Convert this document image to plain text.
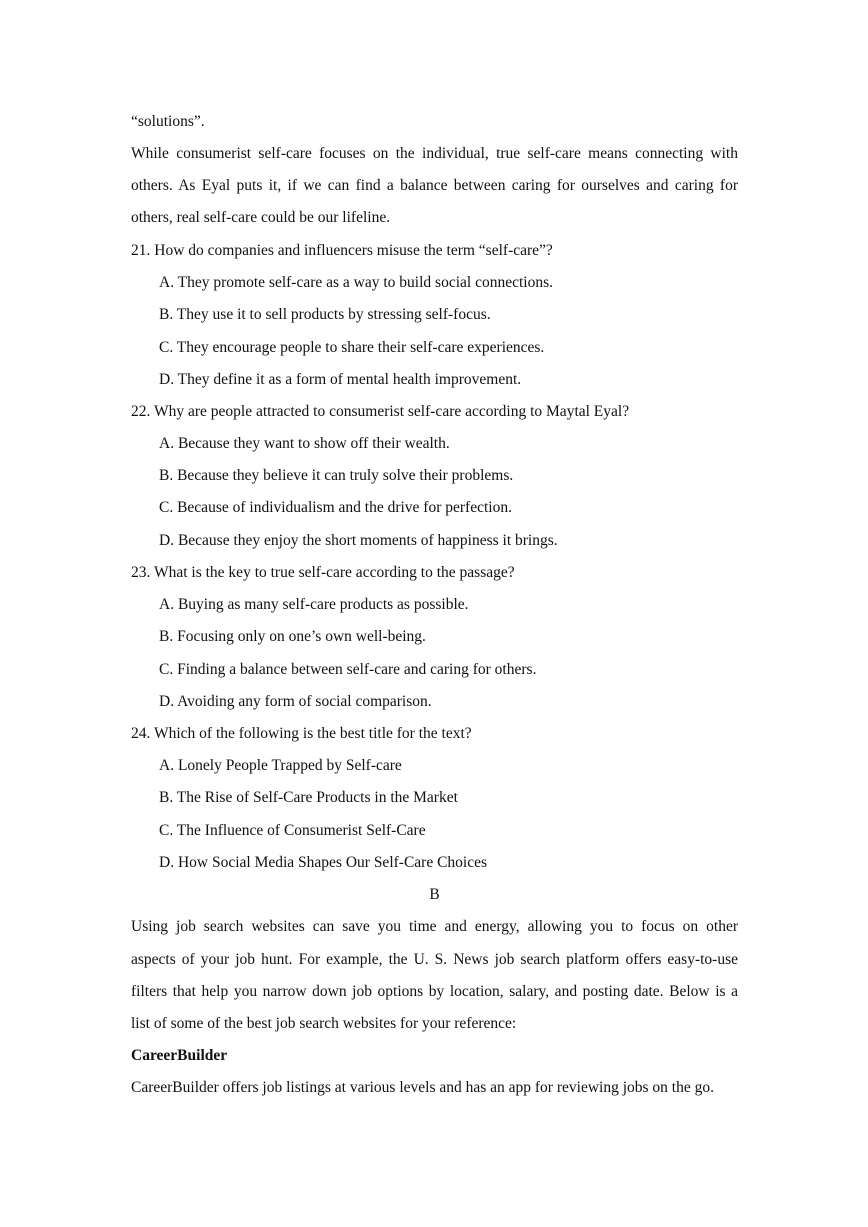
“solutions”.
While consumerist self-care focuses on the individual, true self-care means connecting with
others. As Eyal puts it, if we can find a balance between caring for ourselves and caring for
others, real self-care could be our lifeline.
21. How do companies and influencers misuse the term “self-care”?
A. They promote self-care as a way to build social connections.
B. They use it to sell products by stressing self-focus.
C. They encourage people to share their self-care experiences.
D. They define it as a form of mental health improvement.
22. Why are people attracted to consumerist self-care according to Maytal Eyal?
A. Because they want to show off their wealth.
B. Because they believe it can truly solve their problems.
C. Because of individualism and the drive for perfection.
D. Because they enjoy the short moments of happiness it brings.
23. What is the key to true self-care according to the passage?
A. Buying as many self-care products as possible.
B. Focusing only on one’s own well-being.
C. Finding a balance between self-care and caring for others.
D. Avoiding any form of social comparison.
24. Which of the following is the best title for the text?
A. Lonely People Trapped by Self-care
B. The Rise of Self-Care Products in the Market
C. The Influence of Consumerist Self-Care
D. How Social Media Shapes Our Self-Care Choices
B
Using job search websites can save you time and energy, allowing you to focus on other
aspects of your job hunt. For example, the U. S. News job search platform offers easy-to-use
filters that help you narrow down job options by location, salary, and posting date. Below is a
list of some of the best job search websites for your reference:
CareerBuilder
CareerBuilder offers job listings at various levels and has an app for reviewing jobs on the go.
